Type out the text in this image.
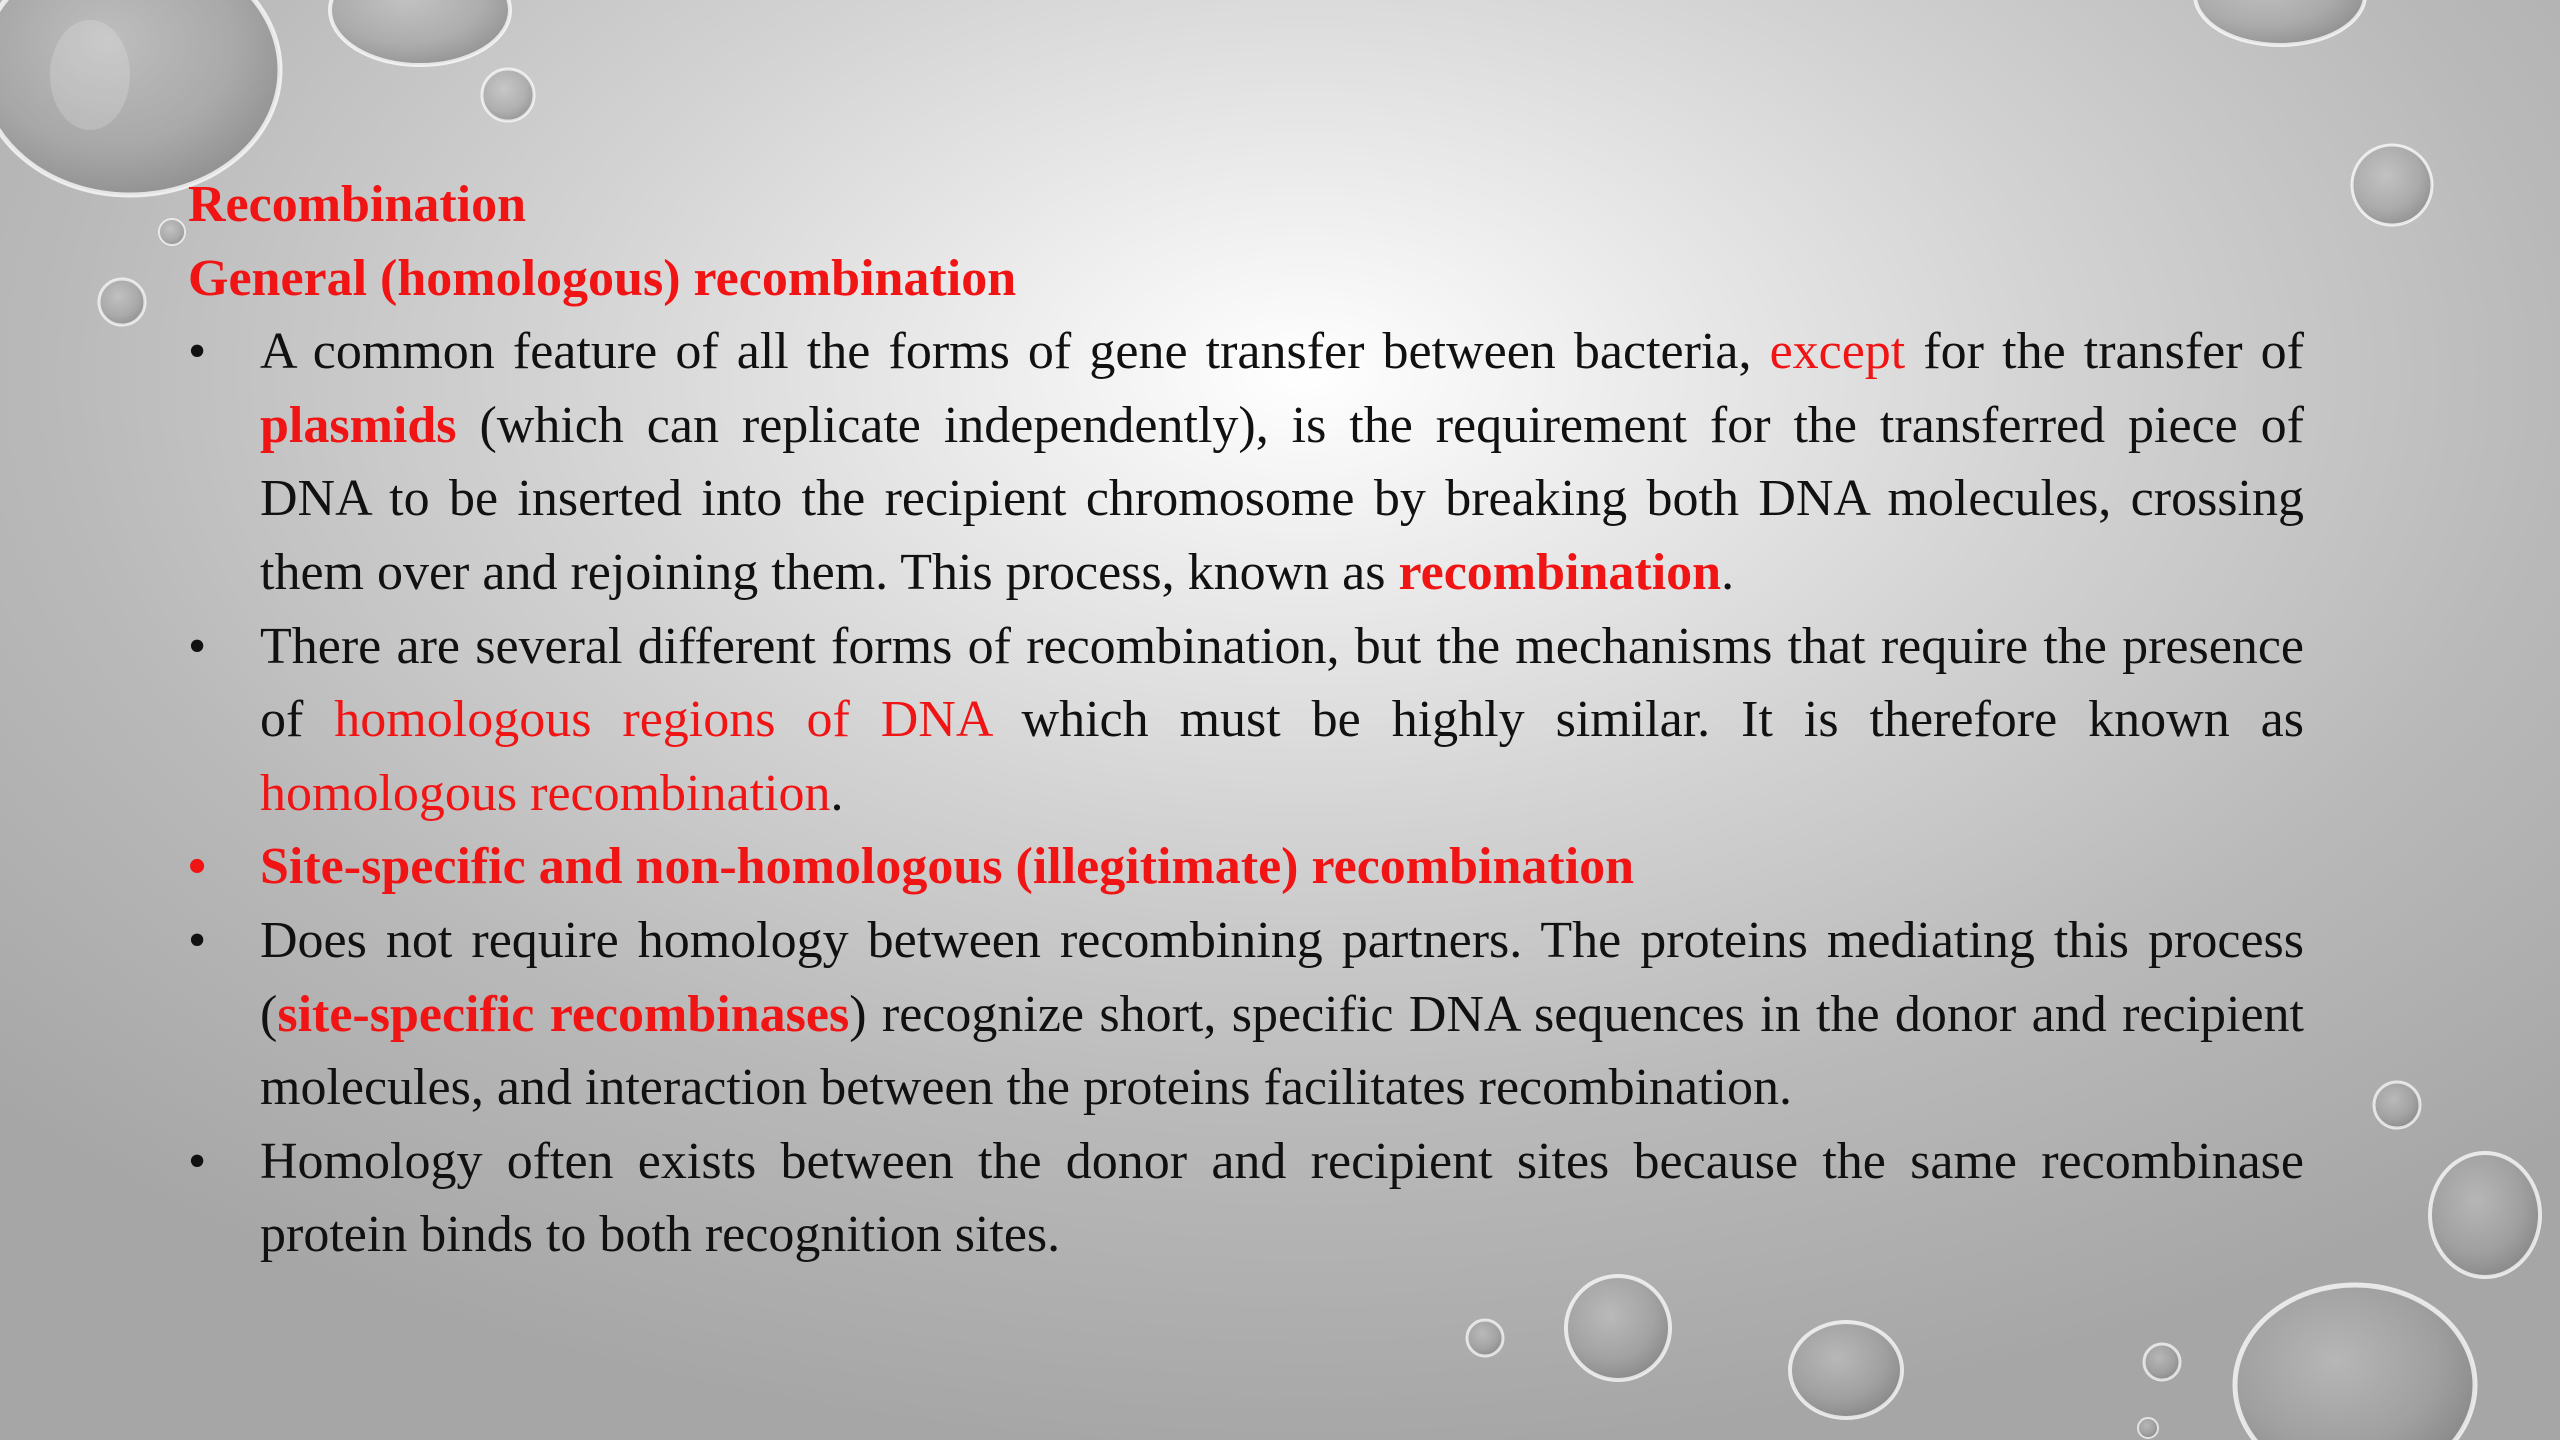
Recombination
General (homologous) recombination
• A common feature of all the forms of gene transfer between bacteria, except for the transfer of plasmids (which can replicate independently), is the requirement for the transferred piece of DNA to be inserted into the recipient chromosome by breaking both DNA molecules, crossing them over and rejoining them. This process, known as recombination.
• There are several different forms of recombination, but the mechanisms that require the presence of homologous regions of DNA which must be highly similar. It is therefore known as homologous recombination.
• Site-specific and non-homologous (illegitimate) recombination
• Does not require homology between recombining partners. The proteins mediating this process (site-specific recombinases) recognize short, specific DNA sequences in the donor and recipient molecules, and interaction between the proteins facilitates recombination.
• Homology often exists between the donor and recipient sites because the same recombinase protein binds to both recognition sites.
